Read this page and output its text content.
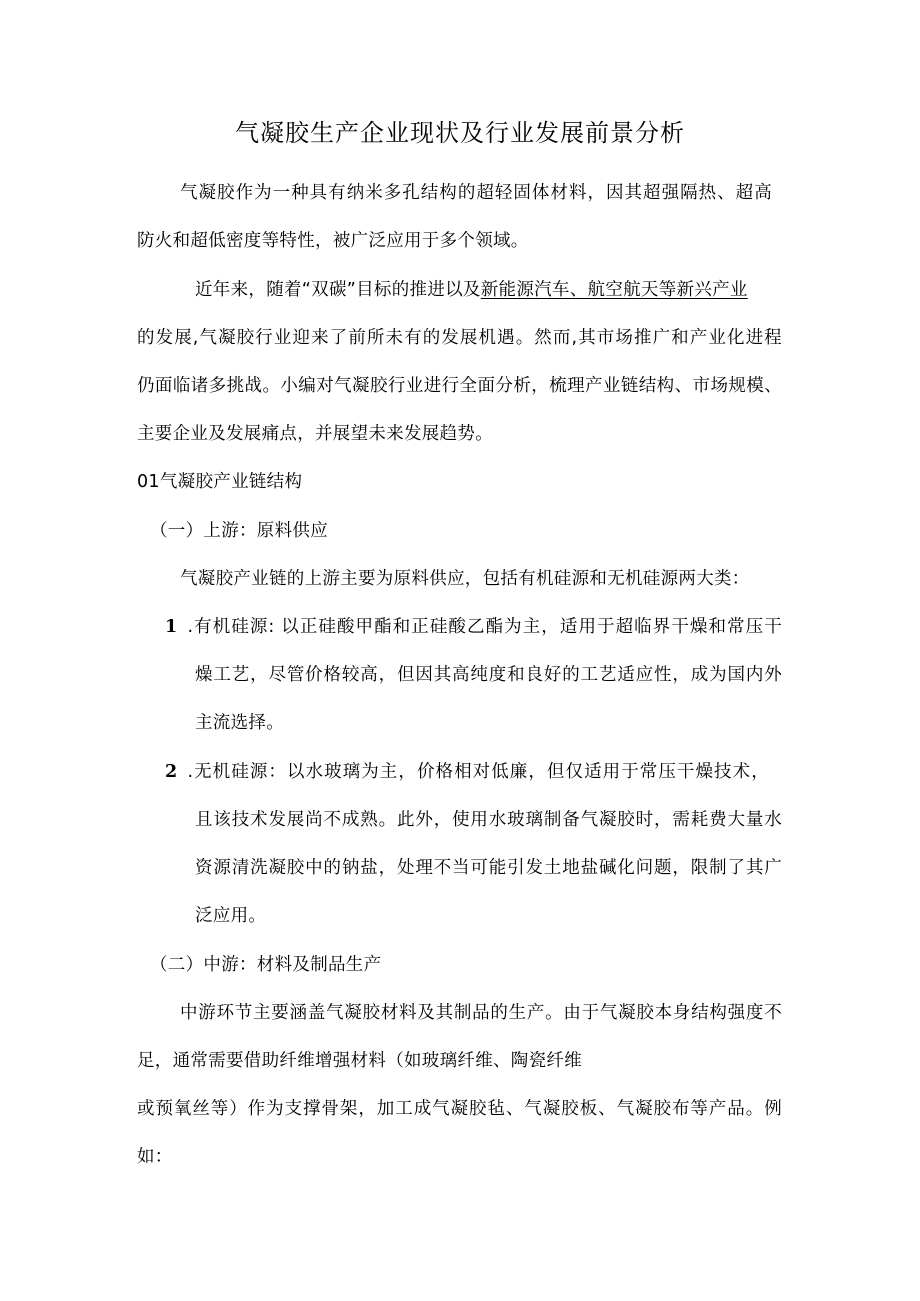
气凝胶生产企业现状及行业发展前景分析
气凝胶作为一种具有纳米多孔结构的超轻固体材料，因其超强隔热、超高
防火和超低密度等特性，被广泛应用于多个领域。
近年来，随着“双碳”目标的推进以及新能源汽车、航空航天等新兴产业
的发展,气凝胶行业迎来了前所未有的发展机遇。然而,其市场推广和产业化进程
仍面临诸多挑战。小编对气凝胶行业进行全面分析，梳理产业链结构、市场规模、
主要企业及发展痛点，并展望未来发展趋势。
01气凝胶产业链结构
（一）上游：原料供应
气凝胶产业链的上游主要为原料供应，包括有机硅源和无机硅源两大类：
1 .有机硅源: 以正硅酸甲酯和正硅酸乙酯为主，适用于超临界干燥和常压干
燥工艺，尽管价格较高，但因其高纯度和良好的工艺适应性，成为国内外
主流选择。
2 .无机硅源：以水玻璃为主，价格相对低廉，但仅适用于常压干燥技术，
且该技术发展尚不成熟。此外，使用水玻璃制备气凝胶时，需耗费大量水
资源清洗凝胶中的钠盐，处理不当可能引发土地盐碱化问题，限制了其广
泛应用。
（二）中游：材料及制品生产
中游环节主要涵盖气凝胶材料及其制品的生产。由于气凝胶本身结构强度不
足，通常需要借助纤维增强材料（如玻璃纤维、陶瓷纤维
或预氧丝等）作为支撑骨架，加工成气凝胶毡、气凝胶板、气凝胶布等产品。例
如：
